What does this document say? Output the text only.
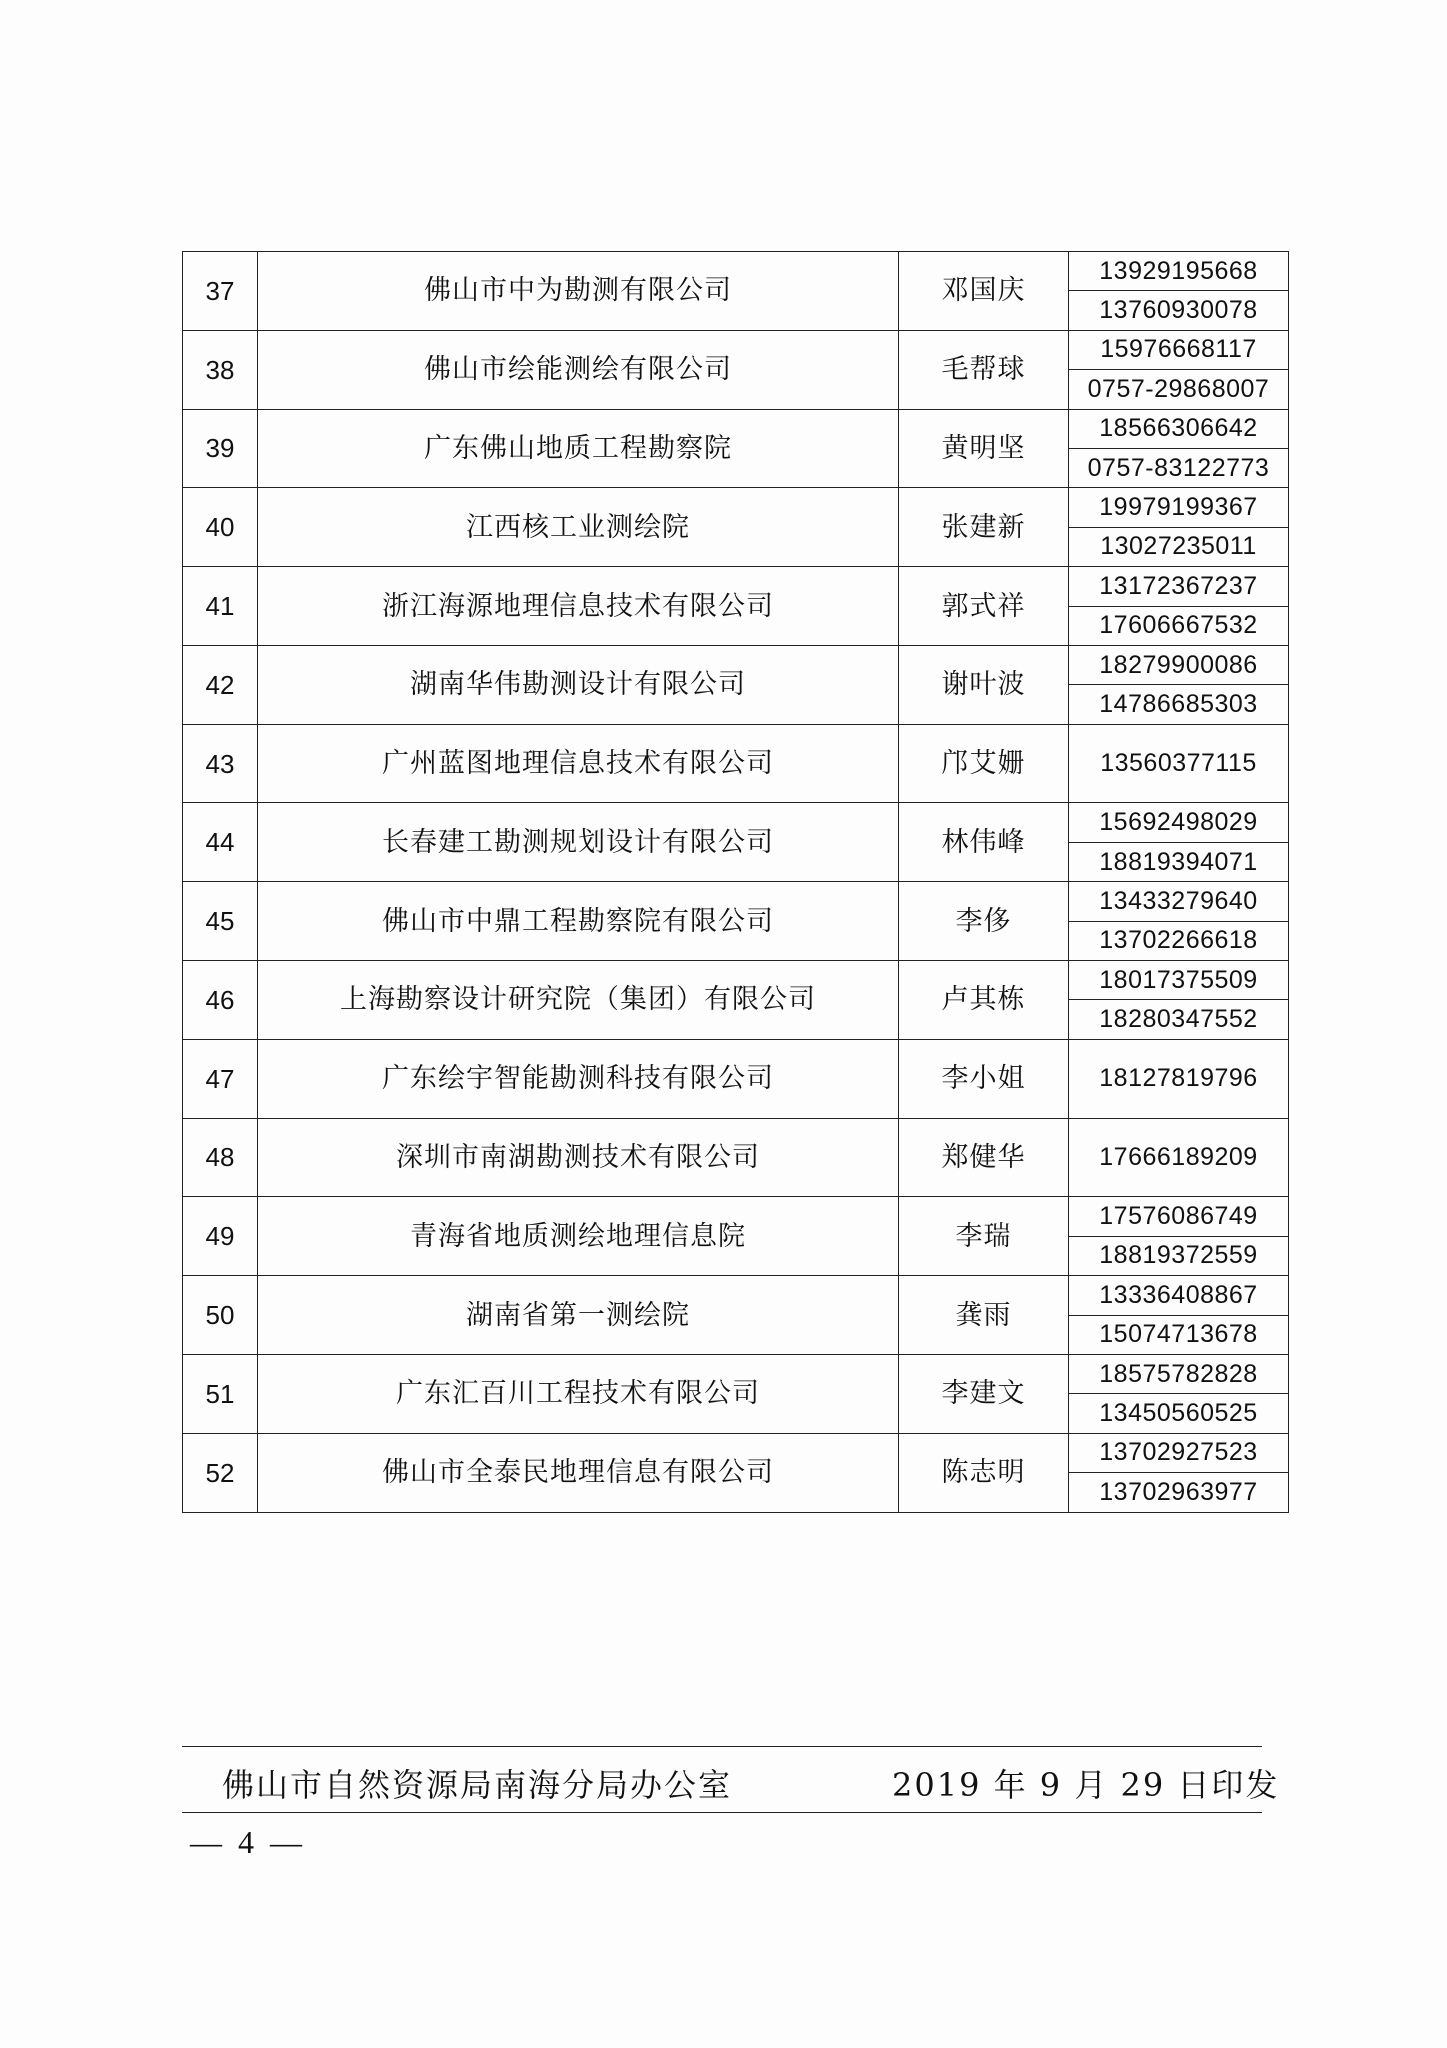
37	佛山市中为勘测有限公司	邓国庆	13929195668
			13760930078
38	佛山市绘能测绘有限公司	毛帮球	15976668117
			0757-29868007
39	广东佛山地质工程勘察院	黄明坚	18566306642
			0757-83122773
40	江西核工业测绘院	张建新	19979199367
			13027235011
41	浙江海源地理信息技术有限公司	郭式祥	13172367237
			17606667532
42	湖南华伟勘测设计有限公司	谢叶波	18279900086
			14786685303
43	广州蓝图地理信息技术有限公司	邝艾姗	13560377115

44	长春建工勘测规划设计有限公司	林伟峰	15692498029
			18819394071
45	佛山市中鼎工程勘察院有限公司	李侈	13433279640
			13702266618
46	上海勘察设计研究院（集团）有限公司	卢其栋	18017375509
			18280347552
47	广东绘宇智能勘测科技有限公司	李小姐	18127819796

48	深圳市南湖勘测技术有限公司	郑健华	17666189209

49	青海省地质测绘地理信息院	李瑞	17576086749
			18819372559
50	湖南省第一测绘院	龚雨	13336408867
			15074713678
51	广东汇百川工程技术有限公司	李建文	18575782828
			13450560525
52	佛山市全泰民地理信息有限公司	陈志明	13702927523
			13702963977
佛山市自然资源局南海分局办公室	2019 年 9 月 29 日印发
— 4 —
